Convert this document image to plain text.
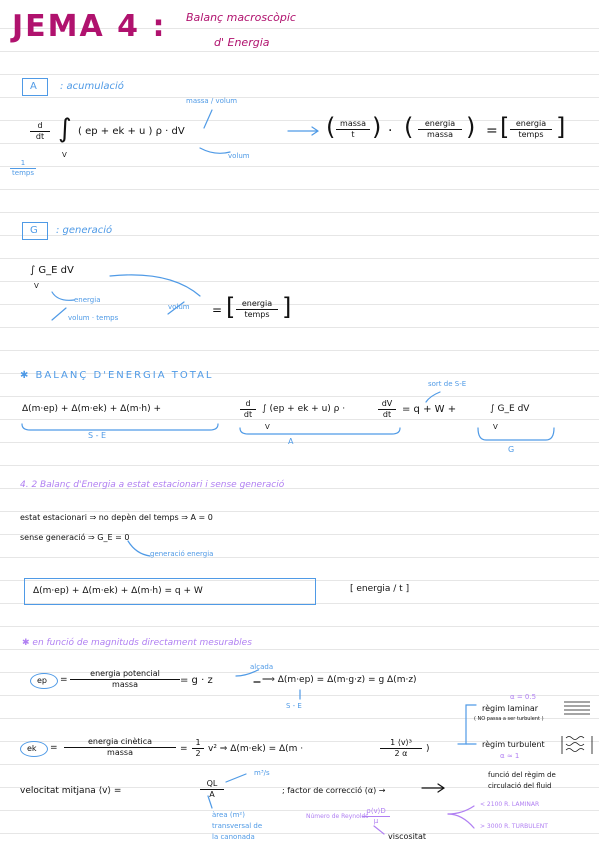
JEMA 4 : Balanç macroscòpic
d' Energia
A : acumulació
massa / volum
$\frac{d}{dt}$ ∫
V
( ep + ek + u ) ρ · dV
volum
1
temps
( massa
t ) · (	energia
massa ) = [ energia
temps ]
G : generació
∫ G_E dV
V
energia
volum · temps
volum = [ energia
temps ]
✱ BALANÇ D'ENERGIA TOTAL
sort de S-E
Δ(m·ep) + Δ(m·ek) + Δ(m·h) +
d
dt
∫ (ep + ek + u) ρ ·
V
dV
dt	= q + W +	∫ G_E dV
V
S - E
A
G
4. 2 Balanç d'Energia a estat estacionari i sense generació
estat estacionari ⇒ no depèn del temps ⇒ A = 0
sense generació ⇒ G_E = 0
generació energia
Δ(m·ep) + Δ(m·ek) + Δ(m·h) = q + W	[ energia / t ]
✱ en funció de magnituds directament mesurables
ep =
energia potencial
massa	= g · z
alçada
⟹ Δ(m·ep) = Δ(m·g·z) = g Δ(m·z)
S - E
ek =
energia cinètica
massa	=
1
2 v² ⇒ Δ(m·ek) = Δ(m ·
1 ⟨v⟩³
2 α	)
α = 0.5
règim laminar
( NO passa a ser turbulent )
règim turbulent
α ≈ 1
velocitat mitjana ⟨v⟩ =
QL
A
m³/s
àrea (m²)
transversal de
la canonada
; factor de correcció (α) →
funció del règim de
circulació del fluid
Número de Reynolds
ρ⟨v⟩D
μ
viscositat
< 2100 R. LAMINAR
> 3000 R. TURBULENT
